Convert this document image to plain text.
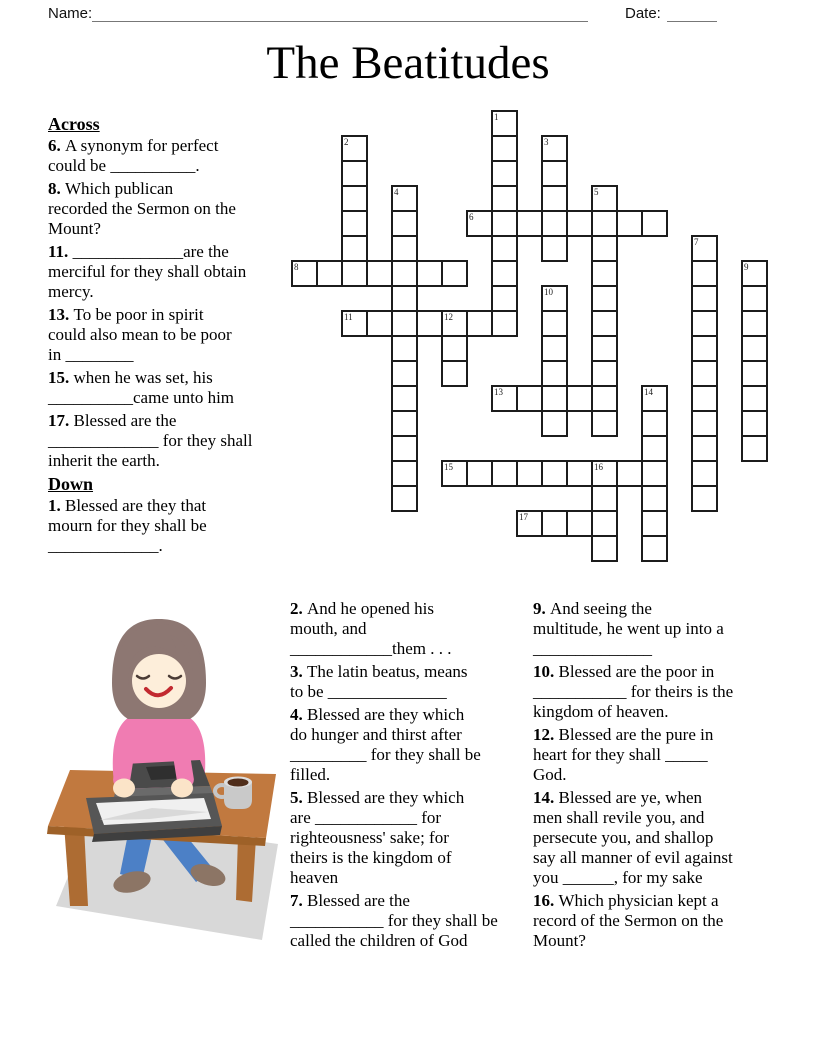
Name:	Date:
The Beatitudes
Across

6. A synonym for perfect
could be __________.

8. Which publican
recorded the Sermon on the
Mount?

11. _____________are the
merciful for they shall obtain
mercy.

13. To be poor in spirit
could also mean to be poor
in ________

15. when he was set, his
__________came unto him

17. Blessed are the
_____________ for they shall
inherit the earth.

Down

1. Blessed are they that
mourn for they shall be
_____________.

2. And he opened his
mouth, and
____________them . . .

3. The latin beatus, means
to be ______________

4. Blessed are they which
do hunger and thirst after
_________ for they shall be
filled.

5. Blessed are they which
are ____________ for
righteousness' sake; for
theirs is the kingdom of
heaven

7. Blessed are the
___________ for they shall be
called the children of God

9. And seeing the
multitude, he went up into a
______________

10. Blessed are the poor in
___________ for theirs is the
kingdom of heaven.

12. Blessed are the pure in
heart for they shall _____
God.

14. Blessed are ye, when
men shall revile you, and
persecute you, and shallop
say all manner of evil against
you ______, for my sake

16. Which physician kept a
record of the Sermon on the
Mount?

1
2	3
4	5
6
7
8	9
10
11	12
13	14
15	16
17
